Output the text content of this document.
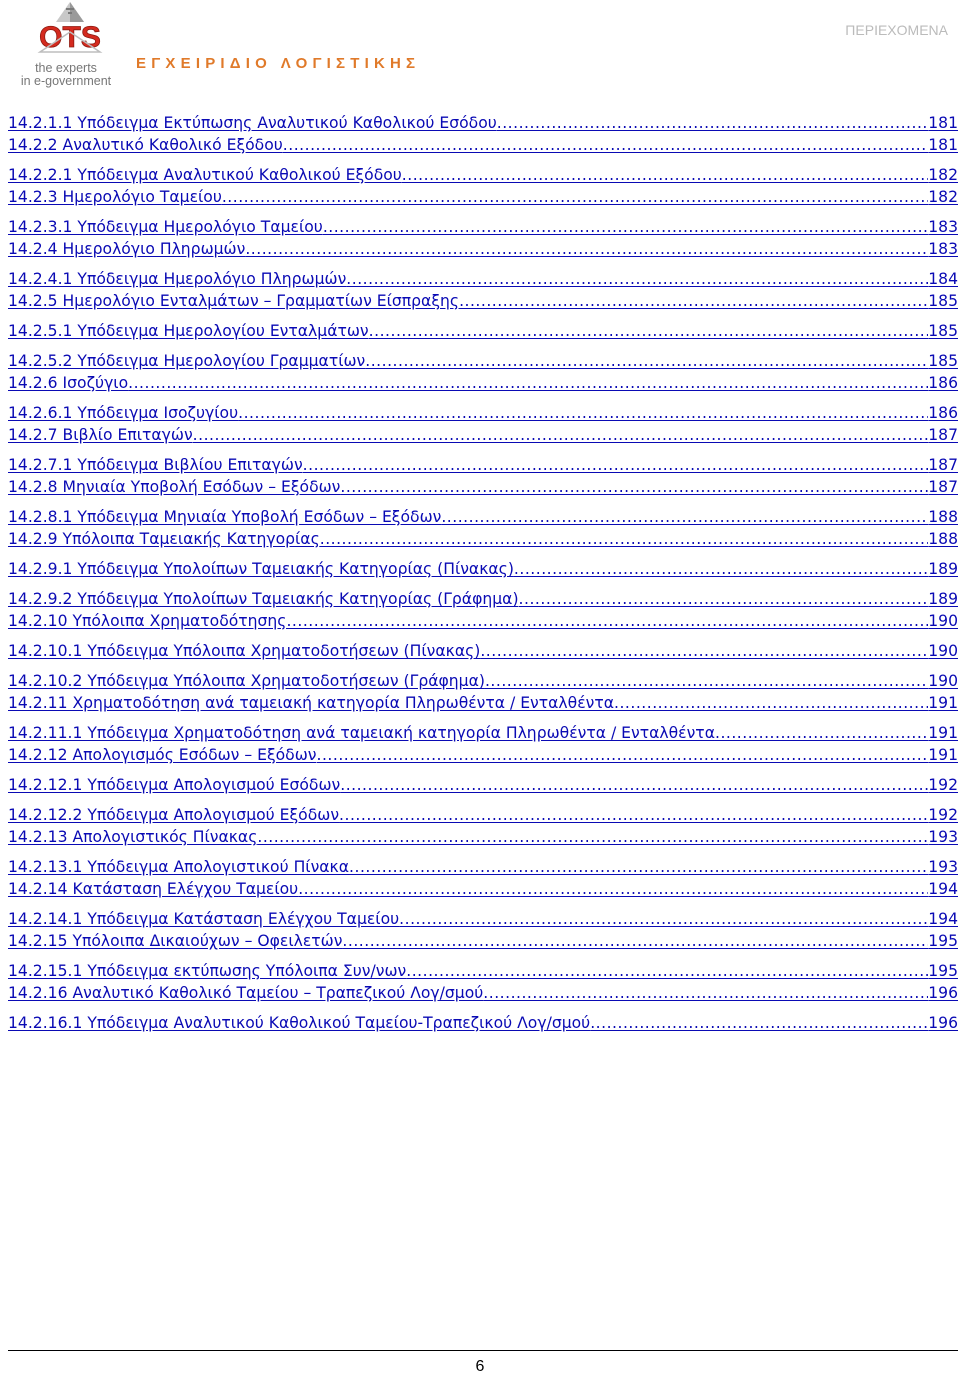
OTS
the experts
in e-government
ΕΓΧΕΙΡΙΔΙΟ ΛΟΓΙΣΤΙΚΗΣ
ΠΕΡΙΕΧΟΜΕΝΑ
14.2.1.1 Υπόδειγμα Εκτύπωσης Αναλυτικού Καθολικού Εσόδου .....	181
14.2.2 Αναλυτικό Καθολικό Εξόδου .....	181
14.2.2.1 Υπόδειγμα Αναλυτικού Καθολικού Εξόδου .....	182
14.2.3 Ημερολόγιο Ταμείου .....	182
14.2.3.1 Υπόδειγμα Ημερολόγιο Ταμείου .....	183
14.2.4 Ημερολόγιο Πληρωμών .....	183
14.2.4.1 Υπόδειγμα Ημερολόγιο Πληρωμών .....	184
14.2.5 Ημερολόγιο Ενταλμάτων – Γραμματίων Είσπραξης .....	185
14.2.5.1 Υπόδειγμα Ημερολογίου Ενταλμάτων .....	185
14.2.5.2 Υπόδειγμα Ημερολογίου Γραμματίων .....	185
14.2.6 Ισοζύγιο .....	186
14.2.6.1 Υπόδειγμα Ισοζυγίου .....	186
14.2.7 Βιβλίο Επιταγών .....	187
14.2.7.1 Υπόδειγμα Βιβλίου Επιταγών .....	187
14.2.8 Μηνιαία Υποβολή Εσόδων – Εξόδων .....	187
14.2.8.1 Υπόδειγμα Μηνιαία Υποβολή Εσόδων – Εξόδων .....	188
14.2.9 Υπόλοιπα Ταμειακής Κατηγορίας .....	188
14.2.9.1 Υπόδειγμα Υπολοίπων Ταμειακής Κατηγορίας (Πίνακας) .....	189
14.2.9.2 Υπόδειγμα Υπολοίπων Ταμειακής Κατηγορίας (Γράφημα) .....	189
14.2.10 Υπόλοιπα Χρηματοδότησης .....	190
14.2.10.1 Υπόδειγμα Υπόλοιπα Χρηματοδοτήσεων (Πίνακας) .....	190
14.2.10.2 Υπόδειγμα Υπόλοιπα Χρηματοδοτήσεων (Γράφημα) .....	190
14.2.11 Χρηματοδότηση ανά ταμειακή κατηγορία Πληρωθέντα / Ενταλθέντα .....	191
14.2.11.1 Υπόδειγμα Χρηματοδότηση ανά ταμειακή κατηγορία Πληρωθέντα / Ενταλθέντα .....	191
14.2.12 Απολογισμός Εσόδων – Εξόδων .....	191
14.2.12.1 Υπόδειγμα Απολογισμού Εσόδων .....	192
14.2.12.2 Υπόδειγμα Απολογισμού Εξόδων .....	192
14.2.13 Απολογιστικός Πίνακας .....	193
14.2.13.1 Υπόδειγμα Απολογιστικού Πίνακα .....	193
14.2.14 Κατάσταση Ελέγχου Ταμείου .....	194
14.2.14.1 Υπόδειγμα Κατάσταση Ελέγχου Ταμείου .....	194
14.2.15 Υπόλοιπα Δικαιούχων – Οφειλετών .....	195
14.2.15.1 Υπόδειγμα εκτύπωσης Υπόλοιπα Συν/νων .....	195
14.2.16 Αναλυτικό Καθολικό Ταμείου – Τραπεζικού Λογ/σμού .....	196
14.2.16.1 Υπόδειγμα Αναλυτικού Καθολικού Ταμείου-Τραπεζικού Λογ/σμού .....	196
6
